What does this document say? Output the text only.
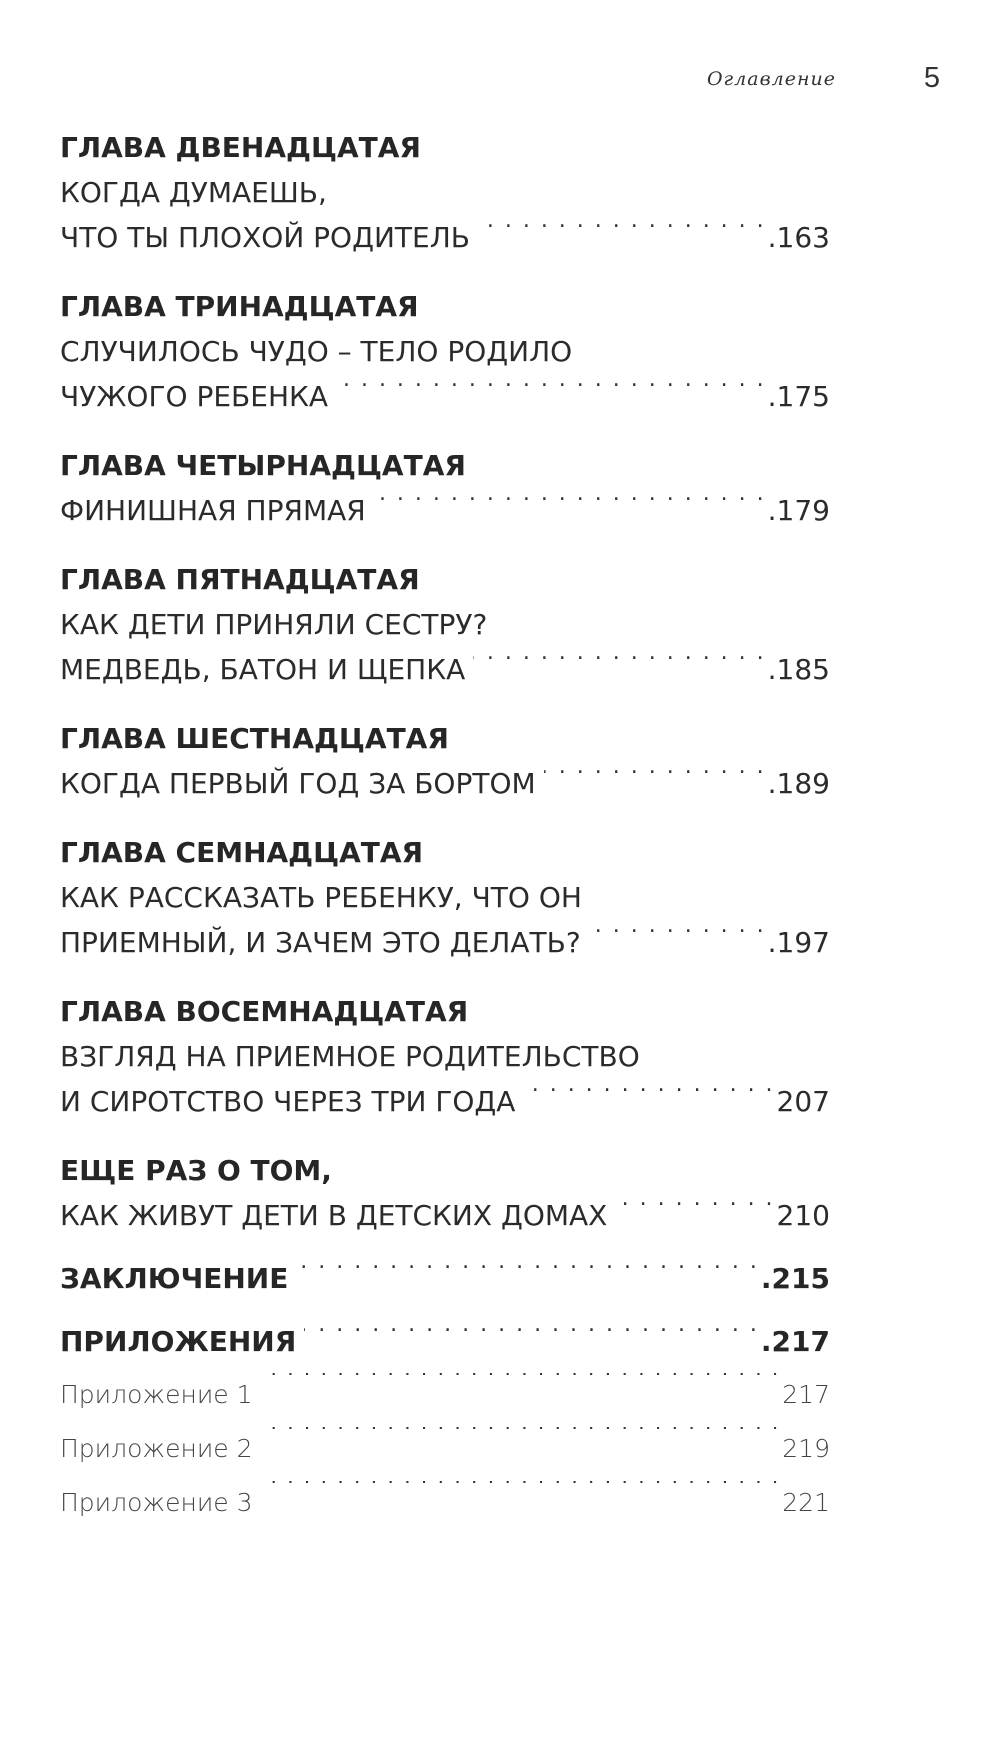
Оглавление	5
ГЛАВА ДВЕНАДЦАТАЯ
КОГДА ДУМАЕШЬ,
ЧТО ТЫ ПЛОХОЙ РОДИТЕЛЬ . . .	.163
ГЛАВА ТРИНАДЦАТАЯ
СЛУЧИЛОСЬ ЧУДО – ТЕЛО РОДИЛО
ЧУЖОГО РЕБЕНКА . . .	.175
ГЛАВА ЧЕТЫРНАДЦАТАЯ
ФИНИШНАЯ ПРЯМАЯ . . .	.179
ГЛАВА ПЯТНАДЦАТАЯ
КАК ДЕТИ ПРИНЯЛИ СЕСТРУ?
МЕДВЕДЬ, БАТОН И ЩЕПКА . . .	.185
ГЛАВА ШЕСТНАДЦАТАЯ
КОГДА ПЕРВЫЙ ГОД ЗА БОРТОМ . . .	.189
ГЛАВА СЕМНАДЦАТАЯ
КАК РАССКАЗАТЬ РЕБЕНКУ, ЧТО ОН
ПРИЕМНЫЙ, И ЗАЧЕМ ЭТО ДЕЛАТЬ? . . .	.197
ГЛАВА ВОСЕМНАДЦАТАЯ
ВЗГЛЯД НА ПРИЕМНОЕ РОДИТЕЛЬСТВО
И СИРОТСТВО ЧЕРЕЗ ТРИ ГОДА . . .	207
ЕЩЕ РАЗ О ТОМ,
КАК ЖИВУТ ДЕТИ В ДЕТСКИХ ДОМАХ . . .	210
ЗАКЛЮЧЕНИЕ . . .	.215
ПРИЛОЖЕНИЯ . . .	.217
Приложение 1 . . .	217
Приложение 2 . . .	219
Приложение 3 . . .	221
